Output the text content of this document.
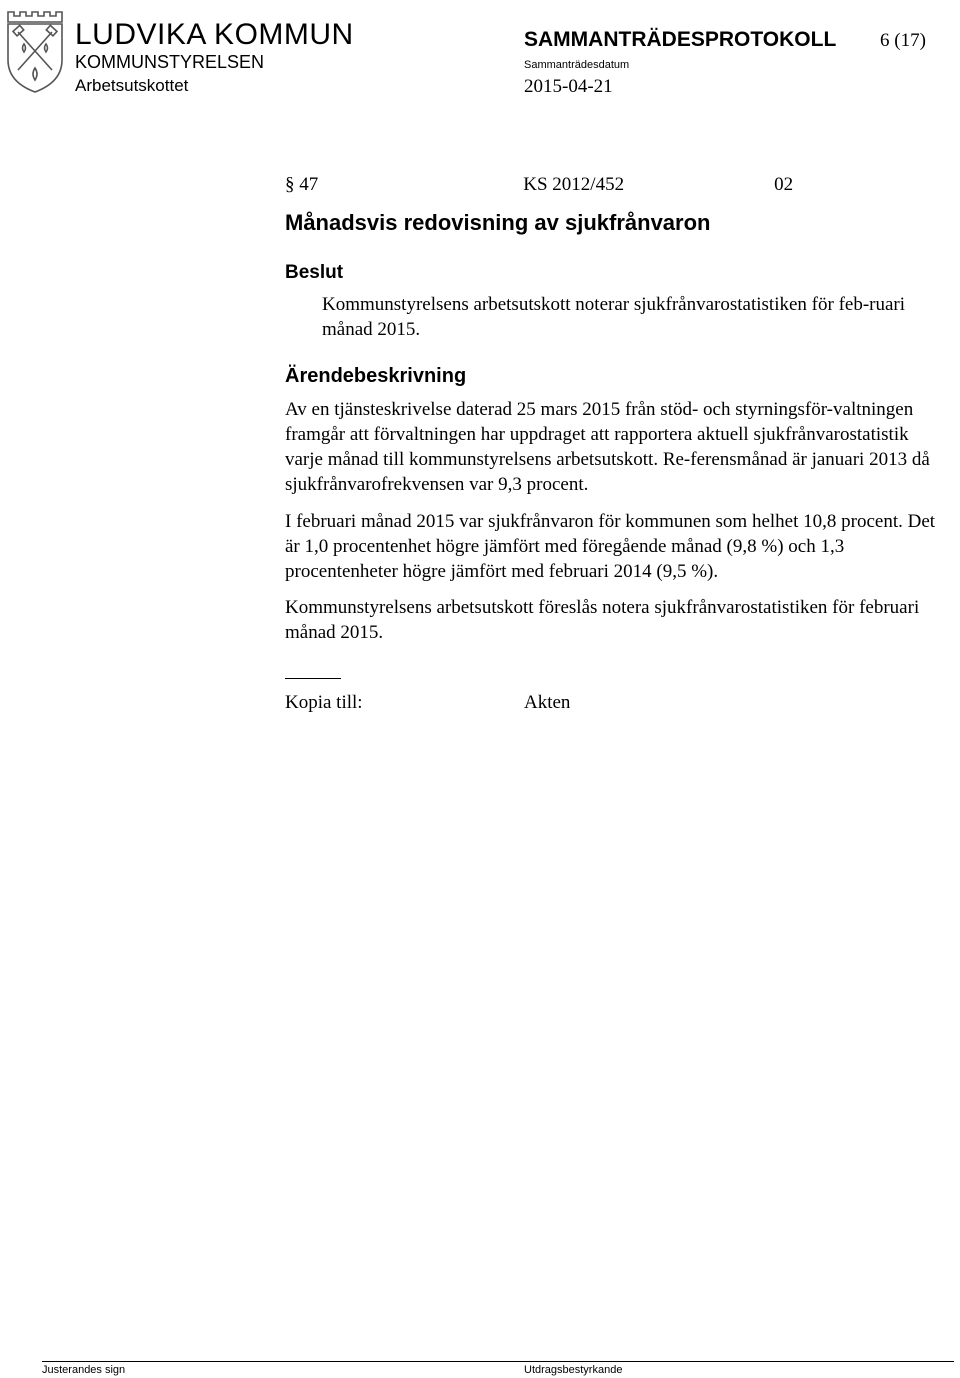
LUDVIKA KOMMUN
KOMMUNSTYRELSEN
Arbetsutskottet
SAMMANTRÄDESPROTOKOLL 6 (17)
Sammanträdesdatum
2015-04-21
§ 47	KS 2012/452	02
Månadsvis redovisning av sjukfrånvaron
Beslut
Kommunstyrelsens arbetsutskott noterar sjukfrånvarostatistiken för feb-ruari månad 2015.
Ärendebeskrivning
Av en tjänsteskrivelse daterad 25 mars 2015 från stöd- och styrningsför-valtningen framgår att förvaltningen har uppdraget att rapportera aktuell sjukfrånvarostatistik varje månad till kommunstyrelsens arbetsutskott. Re-ferensmånad är januari 2013 då sjukfrånvarofrekvensen var 9,3 procent.
I februari månad 2015 var sjukfrånvaron för kommunen som helhet 10,8 procent. Det är 1,0 procentenhet högre jämfört med föregående månad (9,8 %) och 1,3 procentenheter högre jämfört med februari 2014 (9,5 %).
Kommunstyrelsens arbetsutskott föreslås notera sjukfrånvarostatistiken för februari månad 2015.
Kopia till:	Akten
Justerandes sign	Utdragsbestyrkande
